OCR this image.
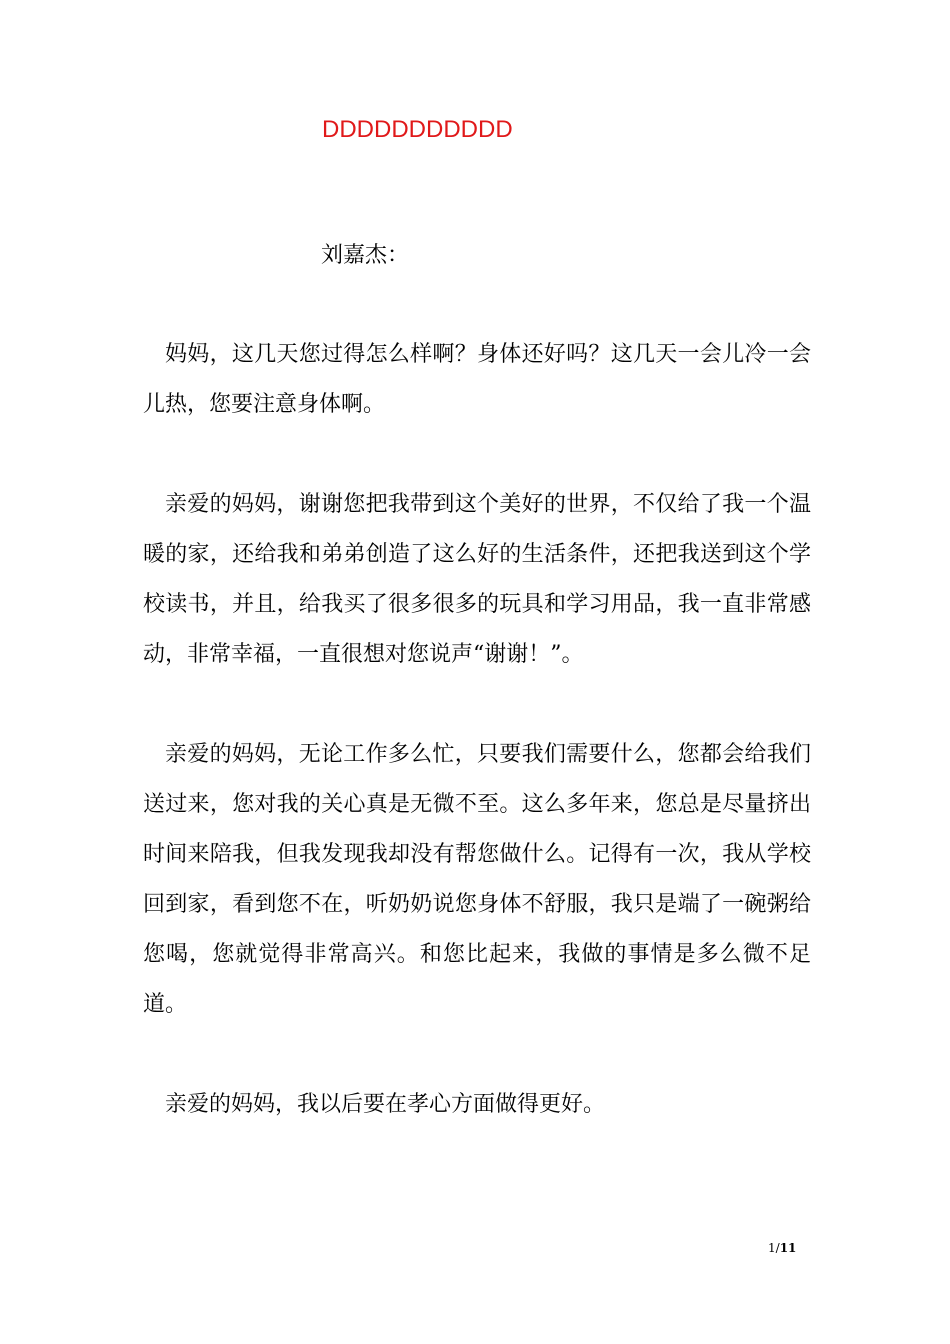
DDDDDDDDDDD
刘嘉杰：

妈妈，这几天您过得怎么样啊？身体还好吗？这几天一会儿冷一会儿热，您要注意身体啊。

亲爱的妈妈，谢谢您把我带到这个美好的世界，不仅给了我一个温暖的家，还给我和弟弟创造了这么好的生活条件，还把我送到这个学校读书，并且，给我买了很多很多的玩具和学习用品，我一直非常感动，非常幸福，一直很想对您说声“谢谢！”。

亲爱的妈妈，无论工作多么忙，只要我们需要什么，您都会给我们送过来，您对我的关心真是无微不至。这么多年来，您总是尽量挤出时间来陪我，但我发现我却没有帮您做什么。记得有一次，我从学校回到家，看到您不在，听奶奶说您身体不舒服，我只是端了一碗粥给您喝，您就觉得非常高兴。和您比起来，我做的事情是多么微不足道。

亲爱的妈妈，我以后要在孝心方面做得更好。

1/11
